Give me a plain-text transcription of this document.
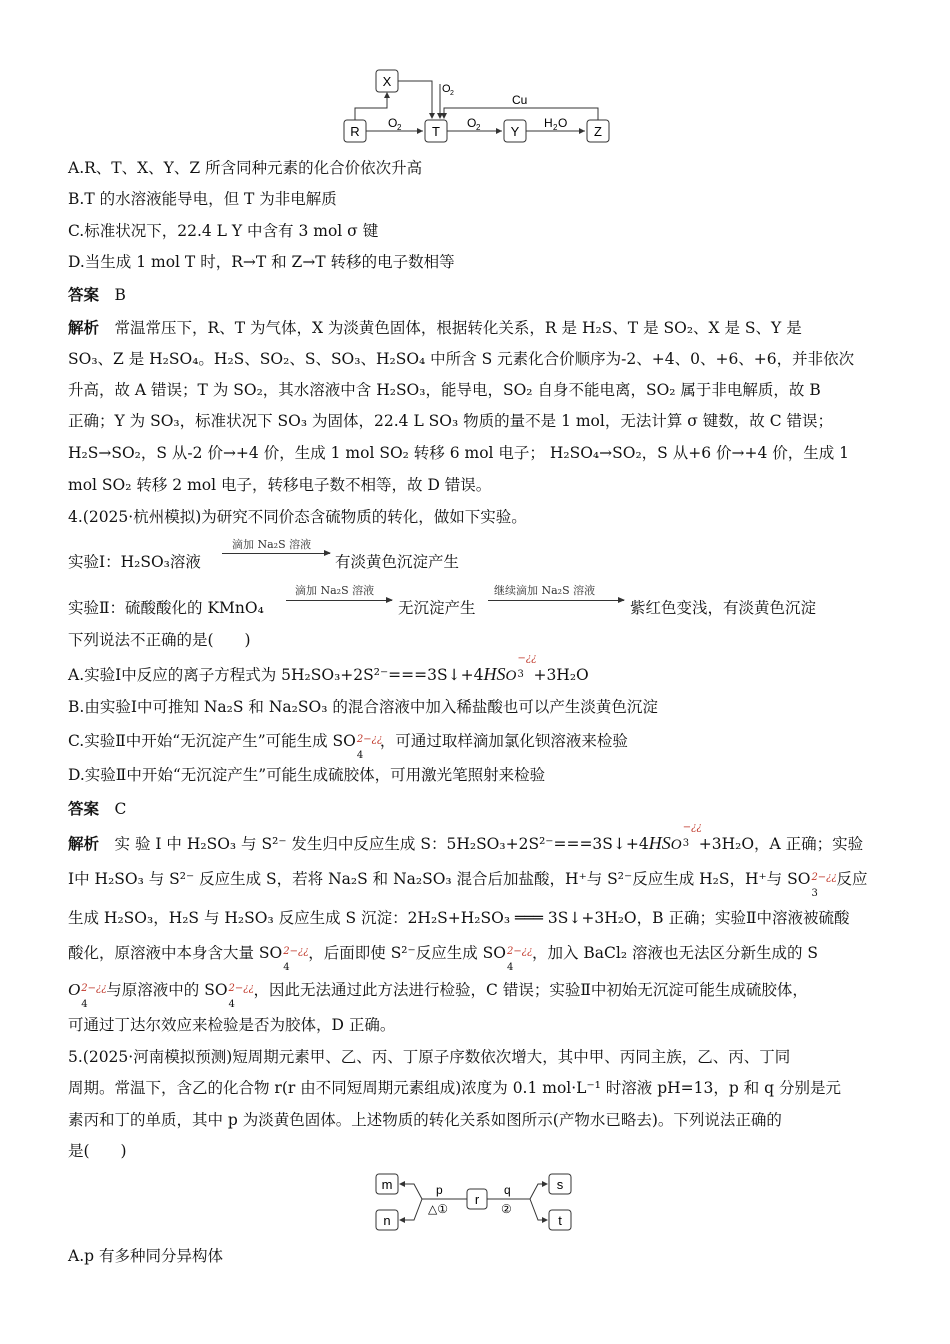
X
R	T	Y	Z
O 2
O 2
O 2	H 2 O
Cu
A.R、T、X、Y、Z 所含同种元素的化合价依次升高
B.T 的水溶液能导电，但 T 为非电解质
C.标准状况下，22.4 L Y 中含有 3 mol σ 键
D.当生成 1 mol T 时，R→T 和 Z→T 转移的电子数相等
答案　 B
解析　 常温常压下，R、T 为气体，X 为淡黄色固体，根据转化关系，R 是 H₂S、T 是 SO₂、X 是 S、Y 是
SO₃、Z 是 H₂SO₄。H₂S、SO₂、S、SO₃、H₂SO₄ 中所含 S 元素化合价顺序为-2、+4、0、+6、+6，并非依次
升高，故 A 错误；T 为 SO₂，其水溶液中含 H₂SO₃，能导电，SO₂ 自身不能电离，SO₂ 属于非电解质，故 B
正确；Y 为 SO₃，标准状况下 SO₃ 为固体，22.4 L SO₃ 物质的量不是 1 mol，无法计算 σ 键数，故 C 错误；
H₂S→SO₂，S 从-2 价→+4 价，生成 1 mol SO₂ 转移 6 mol 电子； H₂SO₄→SO₂，S 从+6 价→+4 价，生成 1
mol SO₂ 转移 2 mol 电子，转移电子数不相等，故 D 错误。
4.(2025·杭州模拟)为研究不同价态含硫物质的转化，做如下实验。
实验Ⅰ：H₂SO₃溶液
滴加 Na₂S 溶液
有淡黄色沉淀产生
实验Ⅱ：硫酸酸化的 KMnO₄
滴加 Na₂S 溶液
无沉淀产生
继续滴加 Na₂S 溶液
紫红色变浅，有淡黄色沉淀
下列说法不正确的是(　　)
A.实验Ⅰ中反应的离子方程式为 5H₂SO₃+2S²⁻===3S↓+4HSO 3
−¿¿
+3H₂O
B.由实验Ⅰ中可推知 Na₂S 和 Na₂SO₃ 的混合溶液中加入稀盐酸也可以产生淡黄色沉淀
C.实验Ⅱ中开始“无沉淀产生”可能生成 SO
4
2−¿¿
，可通过取样滴加氯化钡溶液来检验
D.实验Ⅱ中开始“无沉淀产生”可能生成硫胶体，可用激光笔照射来检验
答案　 C
解析　 实 验 Ⅰ 中 H₂SO₃ 与 S²⁻ 发生归中反应生成 S：5H₂SO₃+2S²⁻===3S↓+4HSO 3
−¿¿
+3H₂O，A 正确；实验
Ⅰ中 H₂SO₃ 与 S²⁻ 反应生成 S，若将 Na₂S 和 Na₂SO₃ 混合后加盐酸，H⁺与 S²⁻反应生成 H₂S，H⁺与 SO
3
2−¿¿ 反应
生成 H₂SO₃，H₂S 与 H₂SO₃ 反应生成 S 沉淀：2H₂S+H₂SO₃ ═══ 3S↓+3H₂O，B 正确；实验Ⅱ中溶液被硫酸
酸化，原溶液中本身含大量 SO
4
2−¿¿ ，后面即使 S²⁻反应生成 SO
4
2−¿¿ ，加入 BaCl₂ 溶液也无法区分新生成的 S
O
4
2−¿¿ 与原溶液中的 SO
4
2−¿¿ ，因此无法通过此方法进行检验，C 错误；实验Ⅱ中初始无沉淀可能生成硫胶体，
可通过丁达尔效应来检验是否为胶体，D 正确。
5.(2025·河南模拟预测)短周期元素甲、乙、丙、丁原子序数依次增大，其中甲、丙同主族，乙、丙、丁同
周期。常温下，含乙的化合物 r(r 由不同短周期元素组成)浓度为 0.1 mol·L⁻¹ 时溶液 pH=13，p 和 q 分别是元
素丙和丁的单质，其中 p 为淡黄色固体。上述物质的转化关系如图所示(产物水已略去)。下列说法正确的
是(　　)
m
n
r
s
t
p
△①
q
②
A.p 有多种同分异构体
